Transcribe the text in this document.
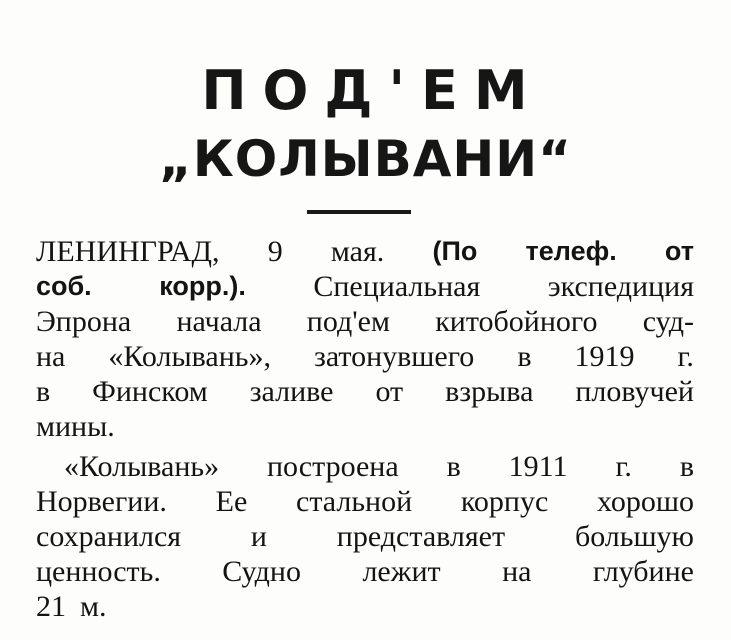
ПОД'ЕМ
„КОЛЫВАНИ“
ЛЕНИНГРАД, 9 мая. (По телеф. от
соб.	корр.). Специальная экспедиция
Эпрона начала под'ем китобойного суд-
на «Колывань», затонувшего в 1919 г.
в Финском заливе от взрыва пловучей
мины.
«Колывань» построена в 1911 г. в
Норвегии. Ее стальной корпус хорошо
сохранился и представляет большую
ценность. Судно лежит на глубине
21 м.
